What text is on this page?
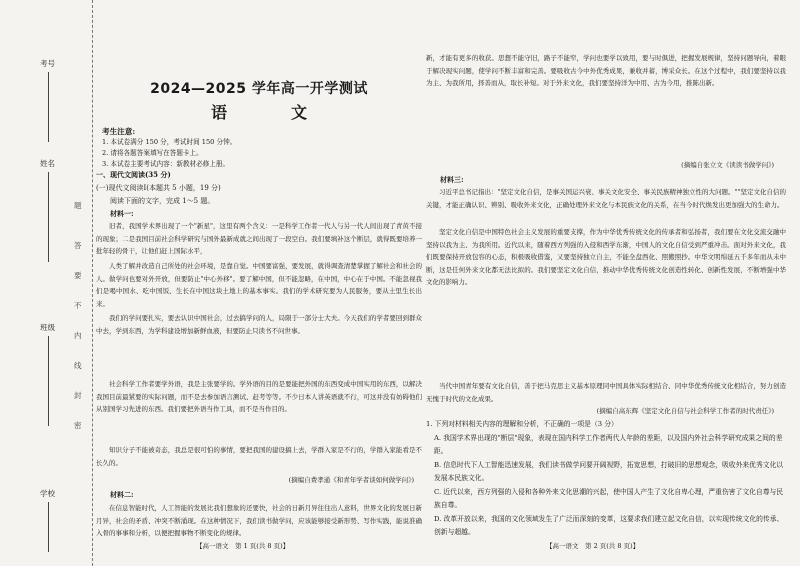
考号
姓名
班级
学校
题
答
要
不
内
线
封
密
2024—2025 学年高一开学测试
语　文
考生注意:
1. 本试卷满分 150 分，考试时间 150 分钟。
2. 请将各题答案填写在答题卡上。
3. 本试卷主要考试内容：新教材必修上册。
一、现代文阅读(35 分)
(一)现代文阅读Ⅰ(本题共 5 小题，19 分)
阅读下面的文字，完成 1～5 题。
材料一:
旧者，我国学术界出现了一个"新星"，这里有两个含义：一是科学工作者一代人与另一代人间出现了青黄不接的现象；二是我国目前社会科学研究与国外最新成就之间出现了一段空白。我们要填补这个断层，就得既要培养一批年轻的骨干，让他们赶上国际水平，
人类了解并改造自己所处的社会环境，是靠自觉。中国要富强，要发展，就得调查清楚掌握了解社会和社会的人。做学问也要对外开放，但要防止"中心外移"。要了解中国，但不能忽略，在中国，中心在于中国。不能忽视我们是喝中国水、吃中国饭、生长在中国这块土地上的基本事实。我们的学术研究要为人民服务，要从土里生长出来。
我们的学问要扎实，要去认识中国社会，过去搞学问的人，局限于一部分士大夫。今天我们的学者要回到群众中去，学到东西，为学科建设增加新鲜血液，但要防止只读书不问世事。
社会科学工作者要学外语，我是主张要学的。学外语的目的是要能把外国的东西变成中国实用的东西，以解决我国目前最紧要的实际问题，而不是去参加语言测试、赶考等等。不少日本人讲英语就不行，可这并没有妨碍他们从别国学习先进的东西。我们要把外语当作工具，而不是当作目的。
知识分子不能被奇态，我总是很可怕的事情，要把我国的建设搞上去，学群入家是不行的，学群入家能看是不长久的。
(摘编自费孝通《和青年学者谈如何做学问》)
材料二:
在信息智能时代，人工智能的发展比我们想象的还要快，社会的日新月异往往出人意料，世界文化的发展日新月异，社会的矛盾、冲突不断涌现。在这种情况下，我们读书做学问，应该能够接受新形势、写作实践，能说准确入骨的事事和分析，以便把握事物不断变化的规律。
【高一语文　第 1 页(共 8 页)】
新，才能有更多的收获。思想不能守旧，路子不能窄，学问也要学以致用，要与时俱进，把握发展规律，坚持问题导向，着眼于解决现实问题，使学问不断丰富和完善。要吸收古今中外优秀成果，兼收并蓄，博采众长。在这个过程中，我们要坚持以我为主、为我所用，择善而从，取长补短。对于外来文化，我们要坚持洋为中用、古为今用，推陈出新。
(摘编自张立文《读读书做学问》)
材料三:
习近平总书记指出："坚定文化自信，是事关国运兴衰、事关文化安全、事关民族精神独立性的大问题。""坚定文化自信的关键，才能正确认识、辨别、吸收外来文化，正确处理外来文化与本民族文化的关系，在当今时代焕发出更加强大的生命力。
坚定文化自信是中国特色社会主义发展的重要支撑，作为中华优秀传统文化的传承者和弘扬者，我们要在文化交流交融中坚持以我为主、为我所用。近代以来，随着西方列强的入侵和西学东渐，中国人的文化自信受到严重冲击。面对外来文化，我们既要保持开放包容的心态，积极吸收借鉴，又要坚持独立自主，不能全盘西化、照搬照抄。中华文明绵延五千多年而从未中断，这是任何外来文化都无法比拟的。我们要坚定文化自信，推动中华优秀传统文化创造性转化、创新性发展，不断增强中华文化的影响力。
当代中国青年要有文化自信，善于把马克思主义基本原理同中国具体实际相结合、同中华优秀传统文化相结合，努力创造无愧于时代的文化成果。
(摘编自高东辉《坚定文化自信与社会科学工作者的时代责任》)
1. 下列对材料相关内容的理解和分析，不正确的一项是（3 分）
A. 我国学术界出现的"断层"现象，表现在国内科学工作者两代人年龄的差距，以及国内外社会科学研究成果之间的差距。
B. 信息时代下人工智能迅速发展，我们读书做学问要开阔视野，拓宽思想，打破旧的思想观念，吸收外来优秀文化以发展本民族文化。
C. 近代以来，西方列强的入侵和各种外来文化思潮的兴起，使中国人产生了文化自卑心理，严重伤害了文化自尊与民族自尊。
D. 改革开放以来，我国的文化领域发生了广泛而深刻的变革，这要求我们建立起文化自信，以实现传统文化的传承、创新与超越。
【高一语文　第 2 页(共 8 页)】
